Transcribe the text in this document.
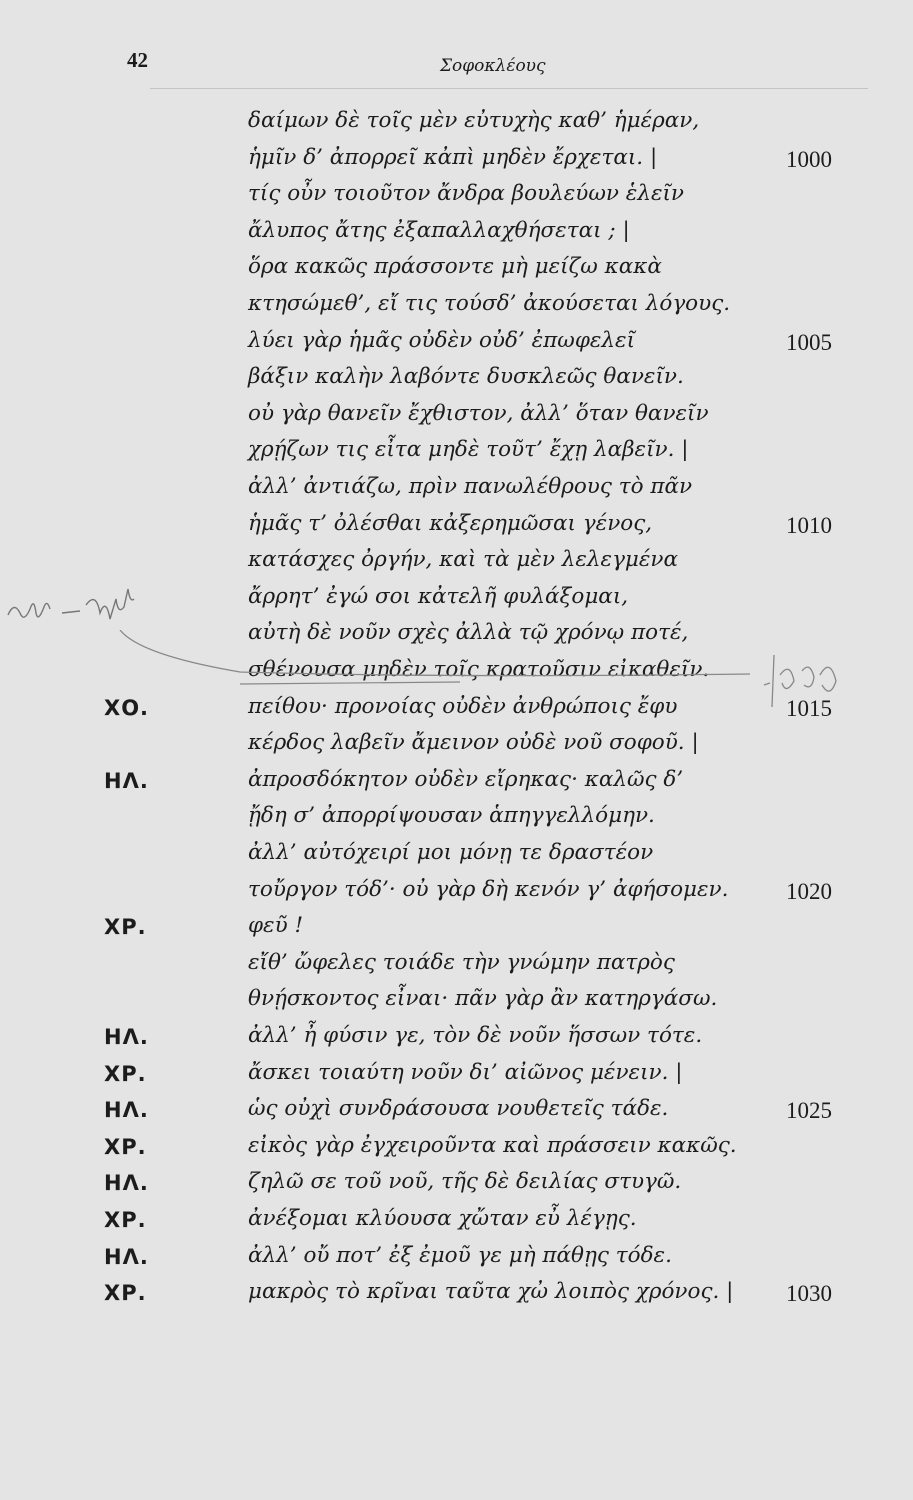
42	Σοφοκλέους
δαίμων δὲ τοῖς μὲν εὐτυχὴς καθ’ ἡμέραν,
ἡμῖν δ’ ἀπορρεῖ κἀπὶ μηδὲν ἔρχεται. |	1000
τίς οὖν τοιοῦτον ἄνδρα βουλεύων ἑλεῖν
ἄλυπος ἄτης ἐξαπαλλαχθήσεται ; |
ὅρα κακῶς πράσσοντε μὴ μείζω κακὰ
κτησώμεθ’, εἴ τις τούσδ’ ἀκούσεται λόγους.
λύει γὰρ ἡμᾶς οὐδὲν οὐδ’ ἐπωφελεῖ	1005
βάξιν καλὴν λαβόντε δυσκλεῶς θανεῖν.
οὐ γὰρ θανεῖν ἔχθιστον, ἀλλ’ ὅταν θανεῖν
χρῄζων τις εἶτα μηδὲ τοῦτ’ ἔχῃ λαβεῖν. |
ἀλλ’ ἀντιάζω, πρὶν πανωλέθρους τὸ πᾶν
ἡμᾶς τ’ ὀλέσθαι κἀξερημῶσαι γένος,	1010
κατάσχες ὀργήν, καὶ τὰ μὲν λελεγμένα
ἄρρητ’ ἐγώ σοι κἀτελῆ φυλάξομαι,
αὐτὴ δὲ νοῦν σχὲς ἀλλὰ τῷ χρόνῳ ποτέ,
σθένουσα μηδὲν τοῖς κρατοῦσιν εἰκαθεῖν.
ΧΟ.	πείθου· προνοίας οὐδὲν ἀνθρώποις ἔφυ	1015
κέρδος λαβεῖν ἄμεινον οὐδὲ νοῦ σοφοῦ. |
ΗΛ.	ἀπροσδόκητον οὐδὲν εἴρηκας· καλῶς δ’
ᾔδη σ’ ἀπορρίψουσαν ἁπηγγελλόμην.
ἀλλ’ αὐτόχειρί μοι μόνῃ τε δραστέον
τοὔργον τόδ’· οὐ γὰρ δὴ κενόν γ’ ἀφήσομεν.	1020
ΧΡ.	φεῦ !
εἴθ’ ὤφελες τοιάδε τὴν γνώμην πατρὸς
θνῄσκοντος εἶναι· πᾶν γὰρ ἂν κατηργάσω.
ΗΛ.	ἀλλ’ ἦ φύσιν γε, τὸν δὲ νοῦν ἥσσων τότε.
ΧΡ.	ἄσκει τοιαύτη νοῦν δι’ αἰῶνος μένειν. |
ΗΛ.	ὡς οὐχὶ συνδράσουσα νουθετεῖς τάδε.	1025
ΧΡ.	εἰκὸς γὰρ ἐγχειροῦντα καὶ πράσσειν κακῶς.
ΗΛ.	ζηλῶ σε τοῦ νοῦ, τῆς δὲ δειλίας στυγῶ.
ΧΡ.	ἀνέξομαι κλύουσα χὤταν εὖ λέγῃς.
ΗΛ.	ἀλλ’ οὔ ποτ’ ἐξ ἐμοῦ γε μὴ πάθῃς τόδε.
ΧΡ.	μακρὸς τὸ κρῖναι ταῦτα χὠ λοιπὸς χρόνος. | 1030
